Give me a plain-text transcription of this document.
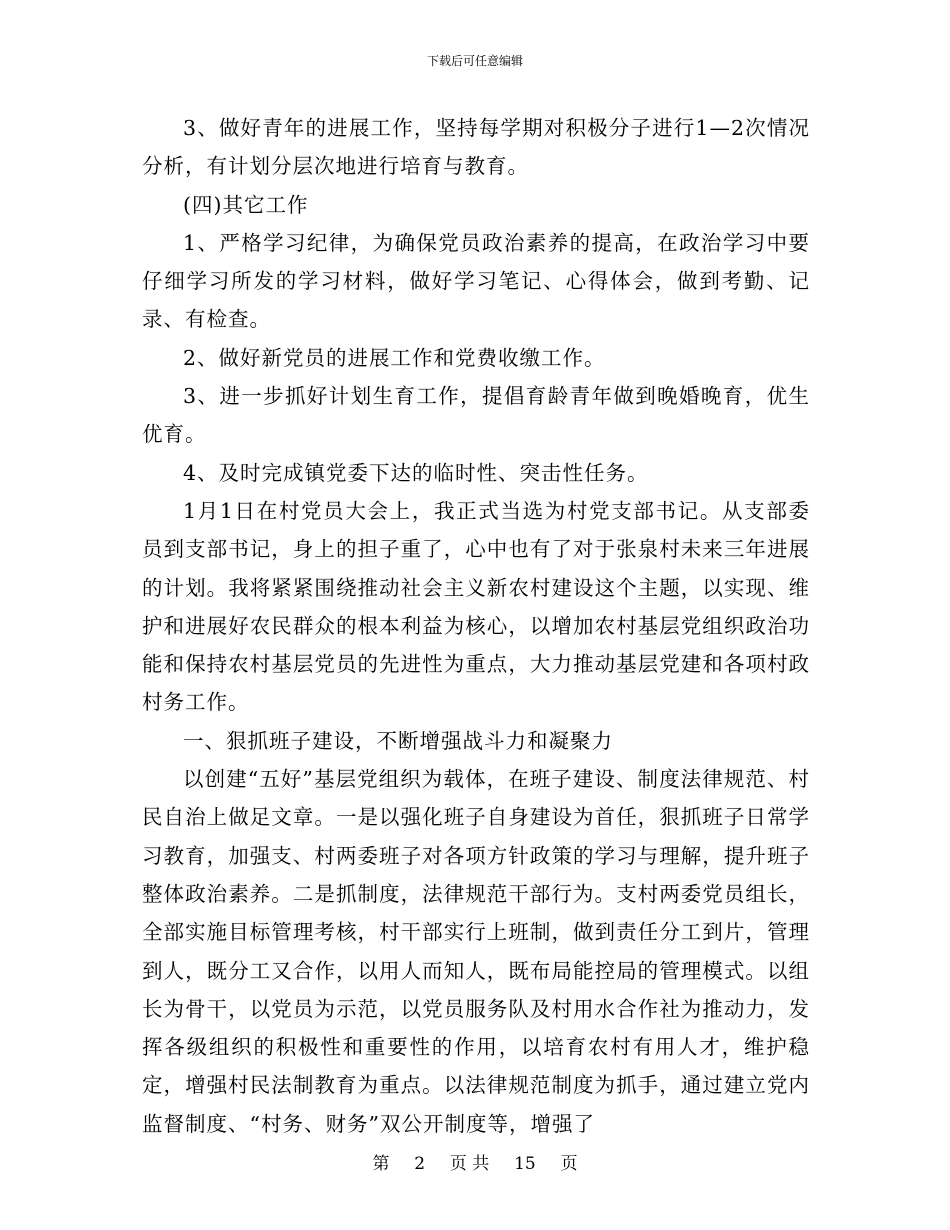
下载后可任意编辑

3、做好青年的进展工作，坚持每学期对积极分子进行1—2次情况分析，有计划分层次地进行培育与教育。

(四)其它工作

1、严格学习纪律，为确保党员政治素养的提高，在政治学习中要仔细学习所发的学习材料，做好学习笔记、心得体会，做到考勤、记录、有检查。

2、做好新党员的进展工作和党费收缴工作。

3、进一步抓好计划生育工作，提倡育龄青年做到晚婚晚育，优生优育。

4、及时完成镇党委下达的临时性、突击性任务。

1月1日在村党员大会上，我正式当选为村党支部书记。从支部委员到支部书记，身上的担子重了，心中也有了对于张泉村未来三年进展的计划。我将紧紧围绕推动社会主义新农村建设这个主题，以实现、维护和进展好农民群众的根本利益为核心，以增加农村基层党组织政治功能和保持农村基层党员的先进性为重点，大力推动基层党建和各项村政村务工作。

一、狠抓班子建设，不断增强战斗力和凝聚力

以创建“五好”基层党组织为载体，在班子建设、制度法律规范、村民自治上做足文章。一是以强化班子自身建设为首任，狠抓班子日常学习教育，加强支、村两委班子对各项方针政策的学习与理解，提升班子整体政治素养。二是抓制度，法律规范干部行为。支村两委党员组长，全部实施目标管理考核，村干部实行上班制，做到责任分工到片，管理到人，既分工又合作，以用人而知人，既布局能控局的管理模式。以组长为骨干，以党员为示范，以党员服务队及村用水合作社为推动力，发挥各级组织的积极性和重要性的作用，以培育农村有用人才，维护稳定，增强村民法制教育为重点。以法律规范制度为抓手，通过建立党内监督制度、“村务、财务”双公开制度等，增强了

第 2 页 共 15 页
